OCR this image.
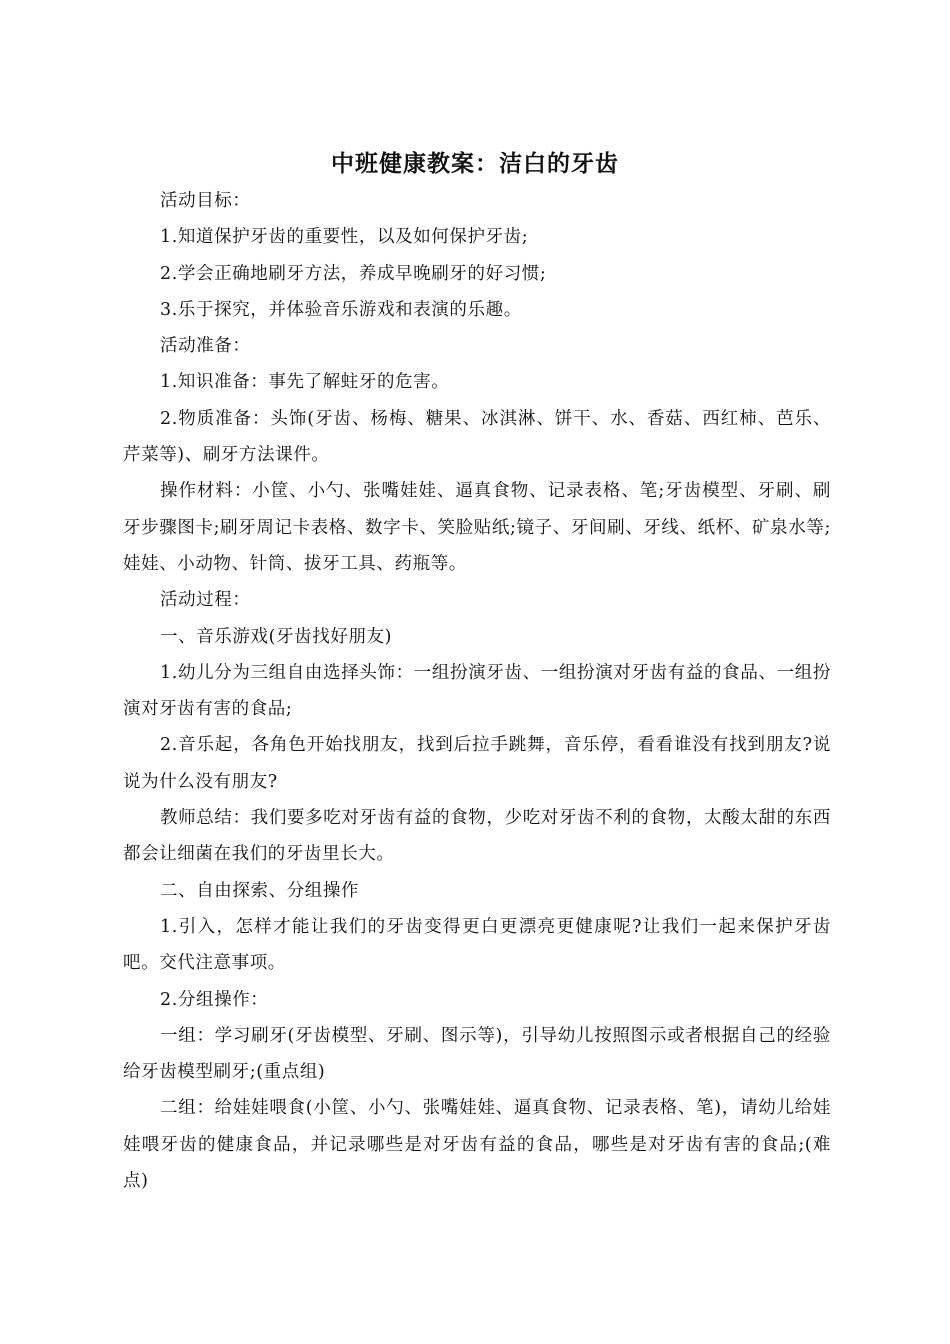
中班健康教案：洁白的牙齿

活动目标：

1.知道保护牙齿的重要性，以及如何保护牙齿;

2.学会正确地刷牙方法，养成早晚刷牙的好习惯;

3.乐于探究，并体验音乐游戏和表演的乐趣。

活动准备：

1.知识准备：事先了解蛀牙的危害。

2.物质准备：头饰(牙齿、杨梅、糖果、冰淇淋、饼干、水、香菇、西红柿、芭乐、芹菜等)、刷牙方法课件。

操作材料：小筐、小勺、张嘴娃娃、逼真食物、记录表格、笔;牙齿模型、牙刷、刷牙步骤图卡;刷牙周记卡表格、数字卡、笑脸贴纸;镜子、牙间刷、牙线、纸杯、矿泉水等;娃娃、小动物、针筒、拔牙工具、药瓶等。

活动过程：

一、音乐游戏(牙齿找好朋友)

1.幼儿分为三组自由选择头饰：一组扮演牙齿、一组扮演对牙齿有益的食品、一组扮演对牙齿有害的食品;

2.音乐起，各角色开始找朋友，找到后拉手跳舞，音乐停，看看谁没有找到朋友?说说为什么没有朋友?

教师总结：我们要多吃对牙齿有益的食物，少吃对牙齿不利的食物，太酸太甜的东西都会让细菌在我们的牙齿里长大。

二、自由探索、分组操作

1.引入，怎样才能让我们的牙齿变得更白更漂亮更健康呢?让我们一起来保护牙齿吧。交代注意事项。

2.分组操作：

一组：学习刷牙(牙齿模型、牙刷、图示等)，引导幼儿按照图示或者根据自己的经验给牙齿模型刷牙;(重点组)

二组：给娃娃喂食(小筐、小勺、张嘴娃娃、逼真食物、记录表格、笔)，请幼儿给娃娃喂牙齿的健康食品，并记录哪些是对牙齿有益的食品，哪些是对牙齿有害的食品;(难点)
